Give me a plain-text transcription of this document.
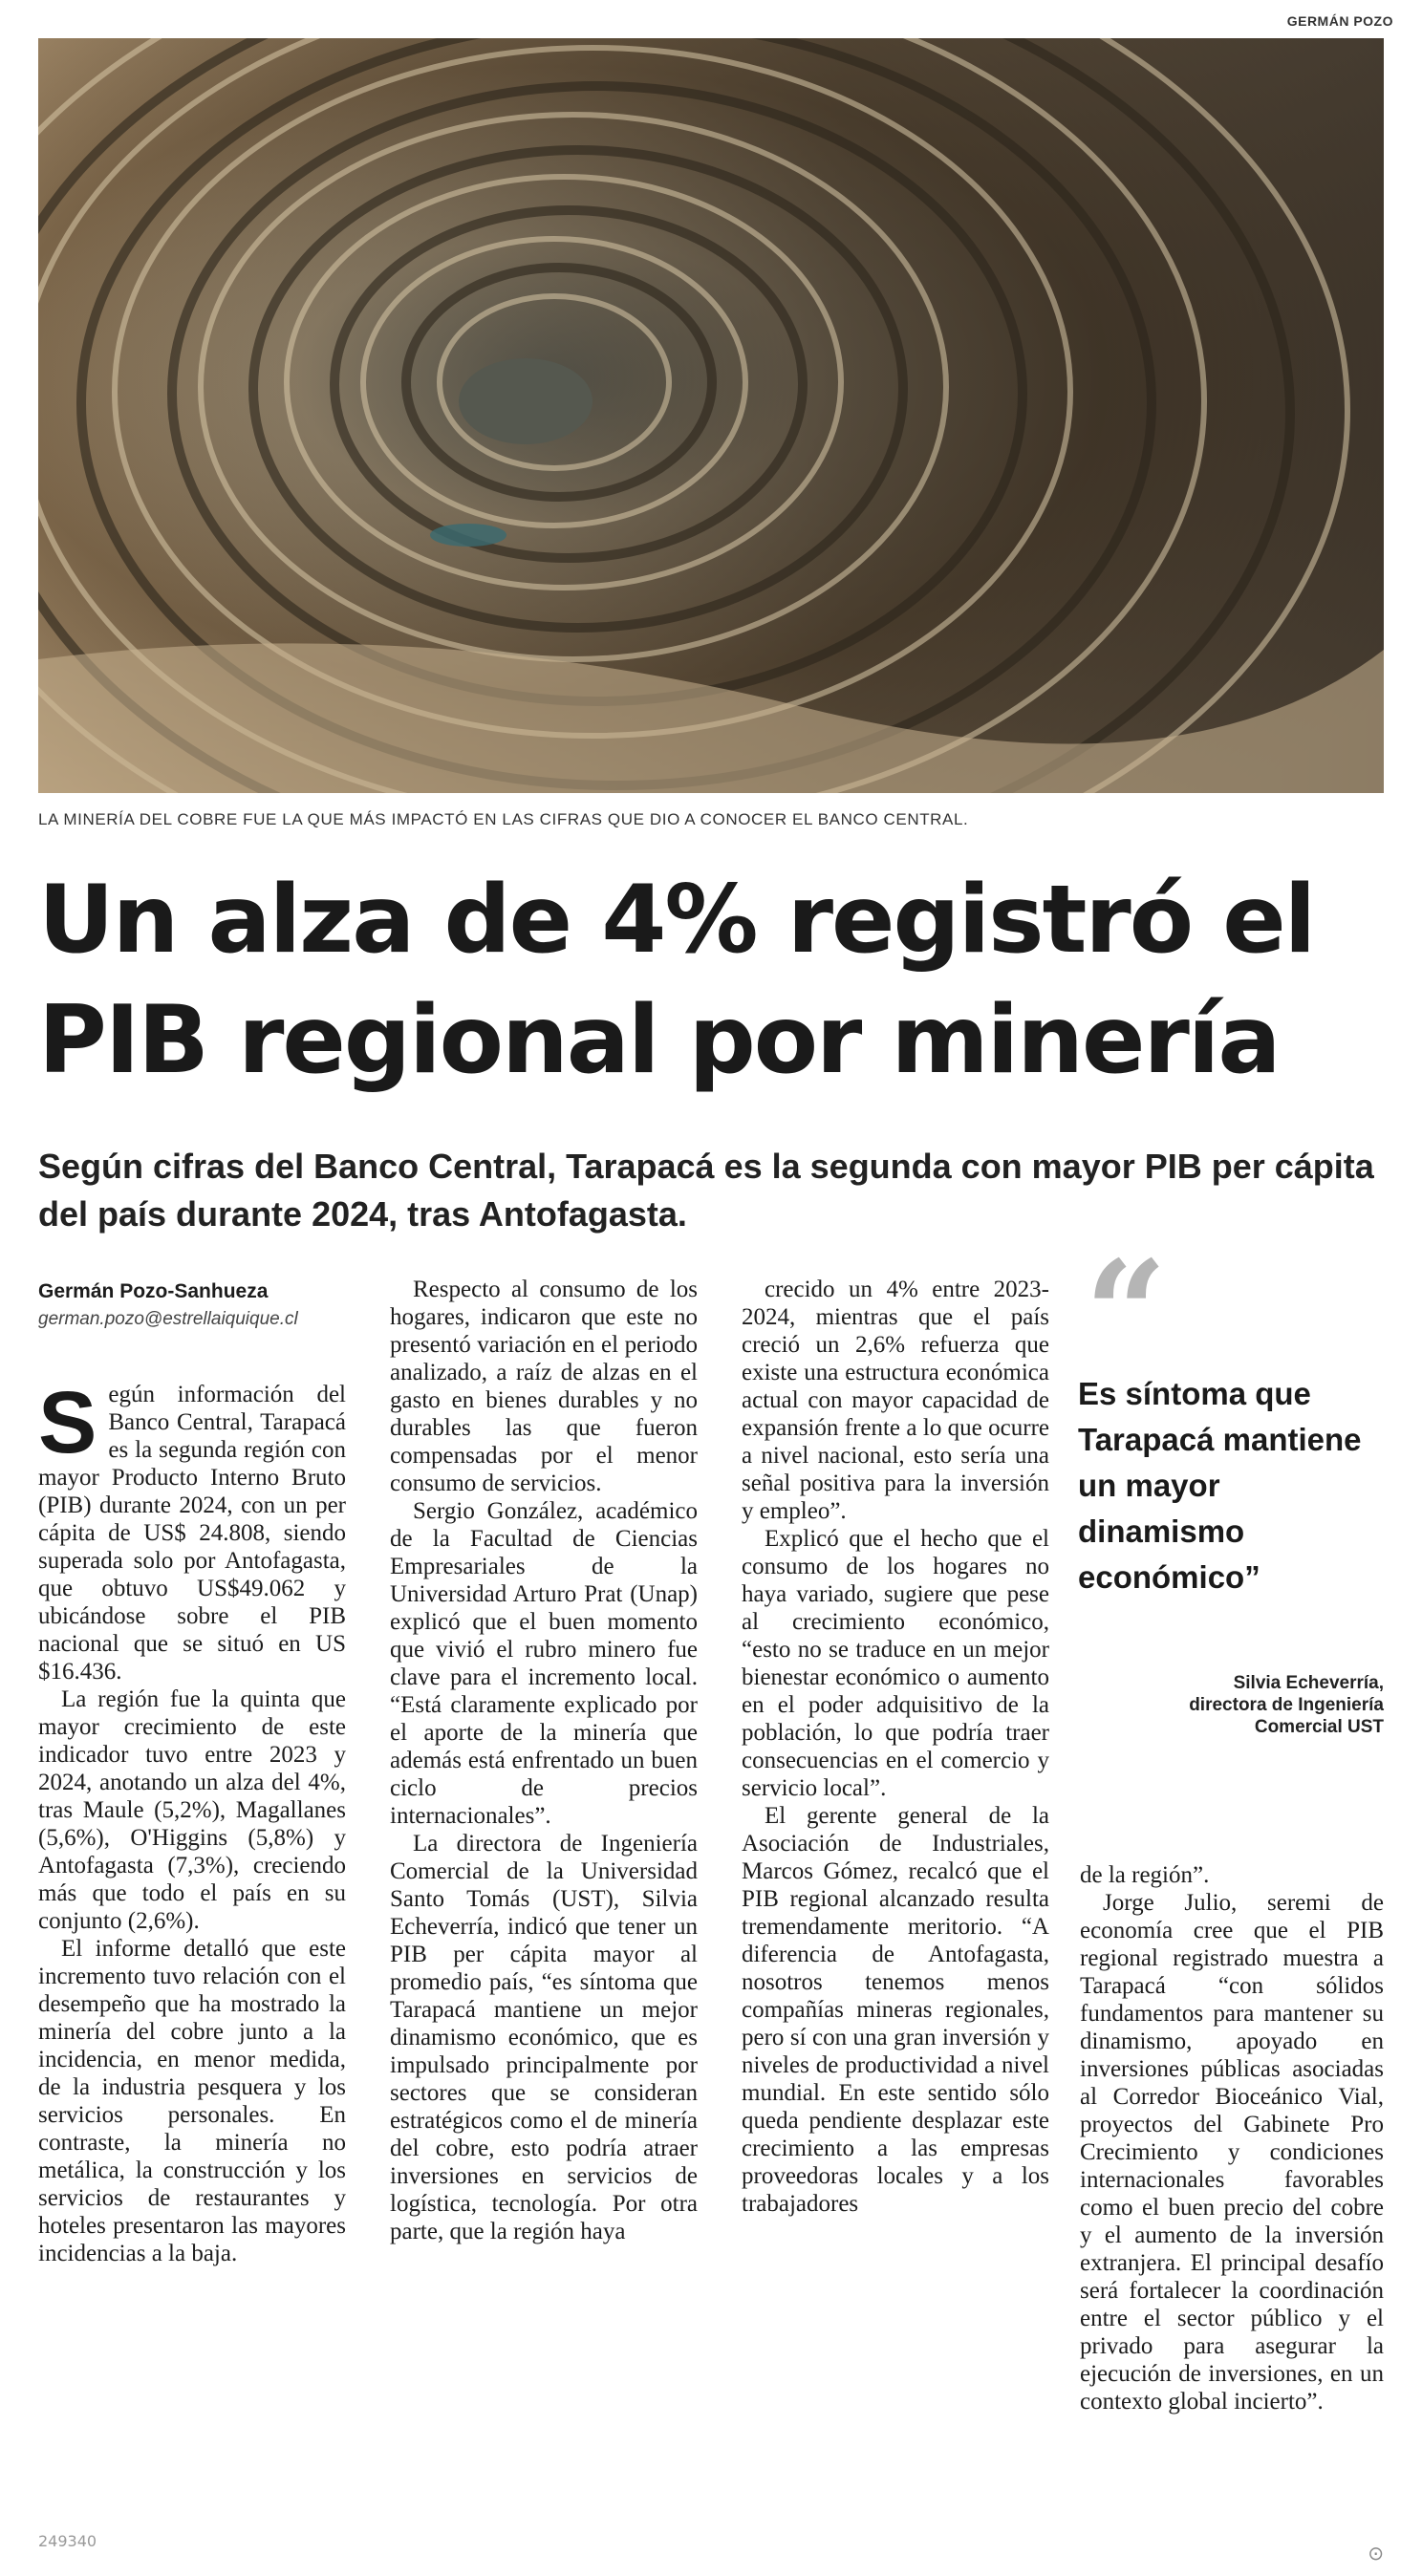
GERMÁN POZO
LA MINERÍA DEL COBRE FUE LA QUE MÁS IMPACTÓ EN LAS CIFRAS QUE DIO A CONOCER EL BANCO CENTRAL.
Un alza de 4% registró el
PIB regional por minería
Según cifras del Banco Central, Tarapacá es la segunda con mayor PIB per cápita del país durante 2024, tras Antofagasta.
Germán Pozo-Sanhueza
german.pozo@estrellaiquique.cl

Según información del Banco Central, Tarapacá es la segunda región con mayor Producto Interno Bruto (PIB) durante 2024, con un per cápita de US$ 24.808, siendo superada solo por Antofagasta, que obtuvo US$49.062 y ubicándose sobre el PIB nacional que se situó en US $16.436.

La región fue la quinta que mayor crecimiento de este indicador tuvo entre 2023 y 2024, anotando un alza del 4%, tras Maule (5,2%), Magallanes (5,6%), O'Higgins (5,8%) y Antofagasta (7,3%), creciendo más que todo el país en su conjunto (2,6%).

El informe detalló que este incremento tuvo relación con el desempeño que ha mostrado la minería del cobre junto a la incidencia, en menor medida, de la industria pesquera y los servicios personales. En contraste, la minería no metálica, la construcción y los servicios de restaurantes y hoteles presentaron las mayores incidencias a la baja.

Respecto al consumo de los hogares, indicaron que este no presentó variación en el periodo analizado, a raíz de alzas en el gasto en bienes durables y no durables las que fueron compensadas por el menor consumo de servicios.

Sergio González, académico de la Facultad de Ciencias Empresariales de la Universidad Arturo Prat (Unap) explicó que el buen momento que vivió el rubro minero fue clave para el incremento local. “Está claramente explicado por el aporte de la minería que además está enfrentado un buen ciclo de precios internacionales”.

La directora de Ingeniería Comercial de la Universidad Santo Tomás (UST), Silvia Echeverría, indicó que tener un PIB per cápita mayor al promedio país, “es síntoma que Tarapacá mantiene un mejor dinamismo económico, que es impulsado principalmente por sectores que se consideran estratégicos como el de minería del cobre, esto podría atraer inversiones en servicios de logística, tecnología. Por otra parte, que la región haya

crecido un 4% entre 2023-2024, mientras que el país creció un 2,6% refuerza que existe una estructura económica actual con mayor capacidad de expansión frente a lo que ocurre a nivel nacional, esto sería una señal positiva para la inversión y empleo”.

Explicó que el hecho que el consumo de los hogares no haya variado, sugiere que pese al crecimiento económico, “esto no se traduce en un mejor bienestar económico o aumento en el poder adquisitivo de la población, lo que podría traer consecuencias en el comercio y servicio local”.

El gerente general de la Asociación de Industriales, Marcos Gómez, recalcó que el PIB regional alcanzado resulta tremendamente meritorio. “A diferencia de Antofagasta, nosotros tenemos menos compañías mineras regionales, pero sí con una gran inversión y niveles de productividad a nivel mundial. En este sentido sólo queda pendiente desplazar este crecimiento a las empresas proveedoras locales y a los trabajadores

“
Es síntoma que Tarapacá mantiene un mayor dinamismo económico”
Silvia Echeverría,
directora de Ingeniería Comercial UST

de la región”.

Jorge Julio, seremi de economía cree que el PIB regional registrado muestra a Tarapacá “con sólidos fundamentos para mantener su dinamismo, apoyado en inversiones públicas asociadas al Corredor Bioceánico Vial, proyectos del Gabinete Pro Crecimiento y condiciones internacionales favorables como el buen precio del cobre y el aumento de la inversión extranjera. El principal desafío será fortalecer la coordinación entre el sector público y el privado para asegurar la ejecución de inversiones, en un contexto global incierto”.

⊙
249340
